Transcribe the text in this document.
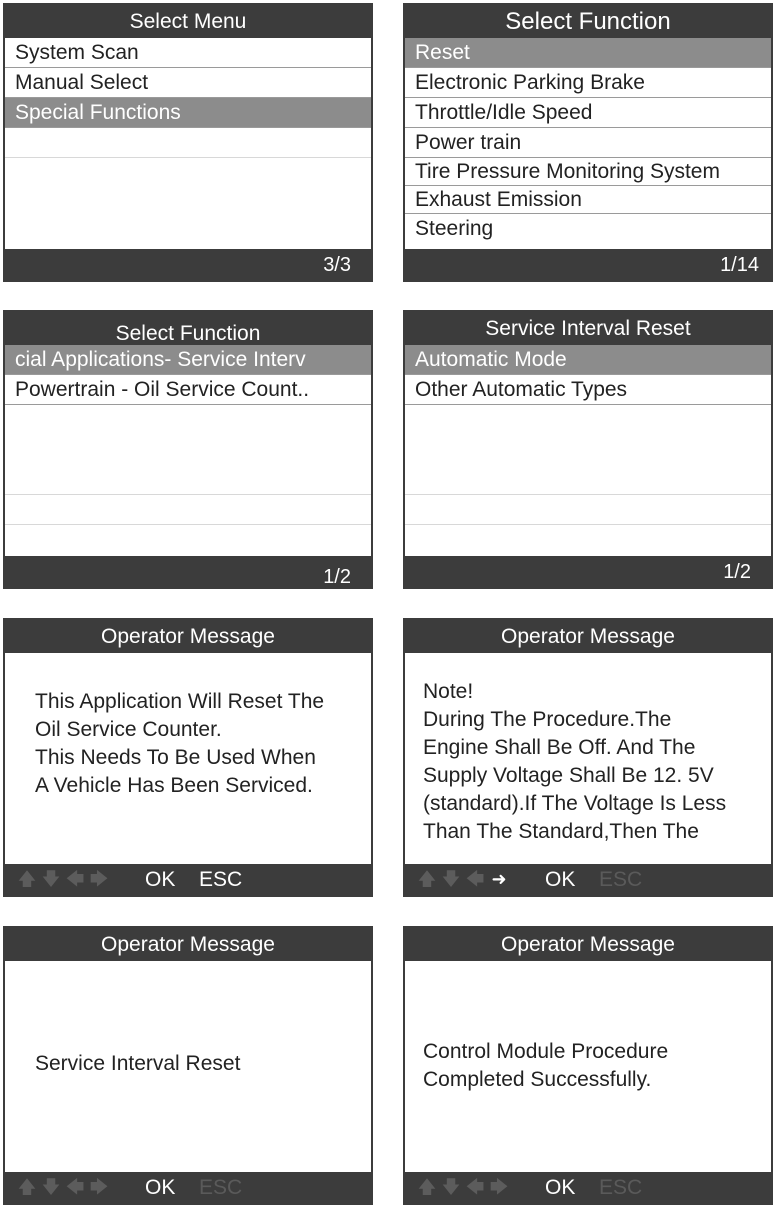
Select Menu
System Scan
Manual Select
Special Functions
3/3
Select Function
Reset
Electronic Parking Brake
Throttle/Idle Speed
Power train
Tire Pressure Monitoring System
Exhaust Emission
Steering
1/14
Select Function
cial Applications- Service Interv
Powertrain - Oil Service Count..
1/2
Service Interval Reset
Automatic Mode
Other Automatic Types
1/2
Operator Message

This Application Will Reset The

Oil Service Counter.

This Needs To Be Used When

A Vehicle Has Been Serviced.

🡅 🡇 🡄 🡆 OK ESC
Operator Message

Note!

During The Procedure.The

Engine Shall Be Off. And The

Supply Voltage Shall Be 12. 5V

(standard).If The Voltage Is Less

Than The Standard,Then The

🡅 🡇 🡄 ➜ OK ESC
Operator Message

Service Interval Reset

🡅 🡇 🡄 🡆 OK ESC
Operator Message

Control Module Procedure

Completed Successfully.

🡅 🡇 🡄 🡆 OK ESC
